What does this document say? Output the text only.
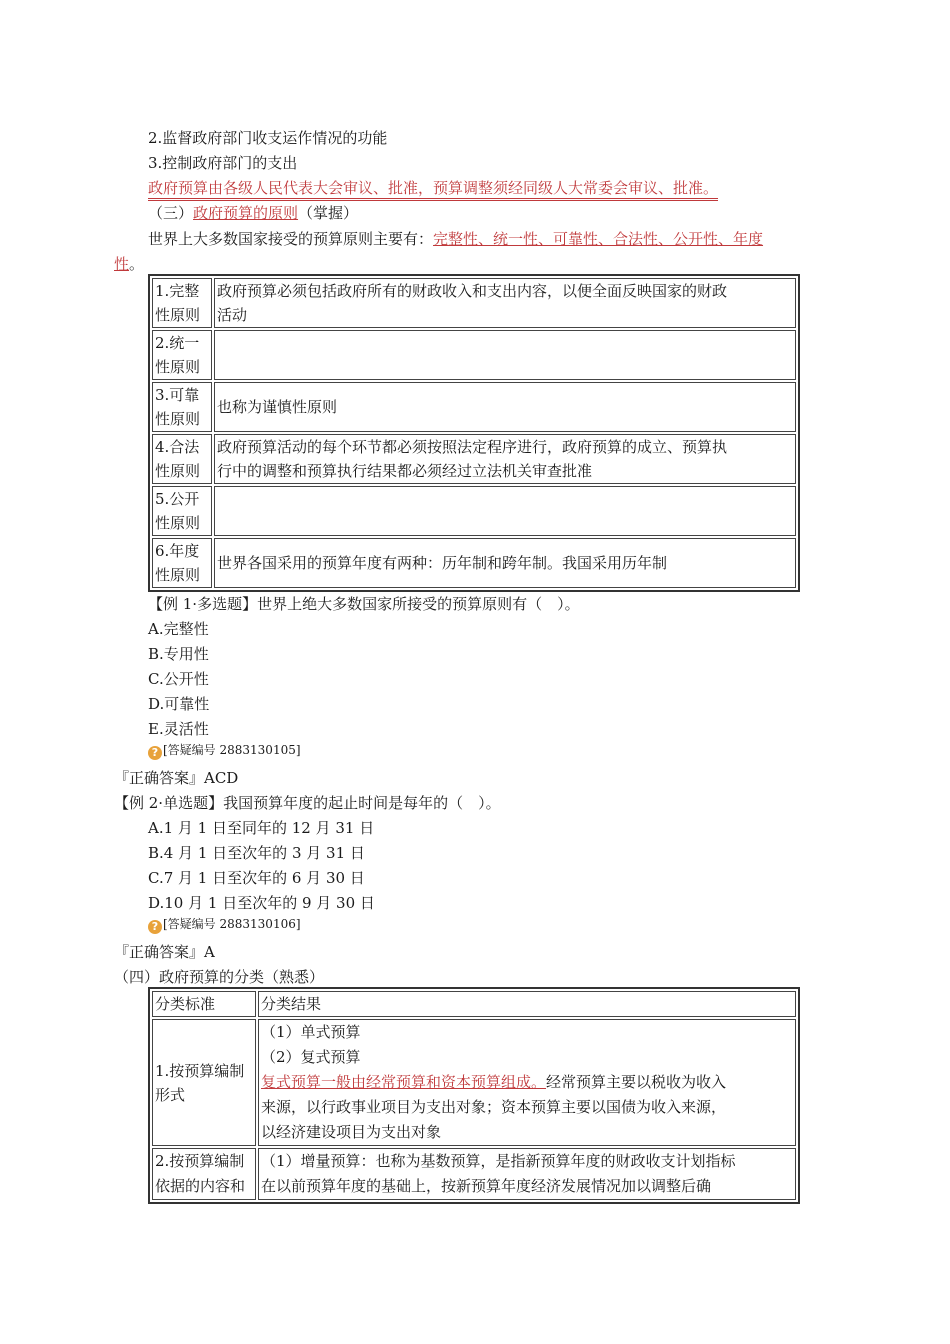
2.监督政府部门收支运作情况的功能
3.控制政府部门的支出
政府预算由各级人民代表大会审议、批准，预算调整须经同级人大常委会审议、批准。
（三）政府预算的原则（掌握）
世界上大多数国家接受的预算原则主要有：完整性、统一性、可靠性、合法性、公开性、年度
性。
1.完整
性原则	政府预算必须包括政府所有的财政收入和支出内容，以便全面反映国家的财政
活动
2.统一
性原则	
3.可靠
性原则	也称为谨慎性原则
4.合法
性原则	政府预算活动的每个环节都必须按照法定程序进行，政府预算的成立、预算执
行中的调整和预算执行结果都必须经过立法机关审查批准
5.公开
性原则	
6.年度
性原则	世界各国采用的预算年度有两种：历年制和跨年制。我国采用历年制
【例 1·多选题】世界上绝大多数国家所接受的预算原则有（　）。
A.完整性
B.专用性
C.公开性
D.可靠性
E.灵活性
? [答疑编号 2883130105]
『正确答案』ACD
【例 2·单选题】我国预算年度的起止时间是每年的（　）。
A.1 月 1 日至同年的 12 月 31 日
B.4 月 1 日至次年的 3 月 31 日
C.7 月 1 日至次年的 6 月 30 日
D.10 月 1 日至次年的 9 月 30 日
? [答疑编号 2883130106]
『正确答案』A
（四）政府预算的分类（熟悉）
分类标准	分类结果
1.按预算编制
形式	（1）单式预算
（2）复式预算
复式预算一般由经常预算和资本预算组成。经常预算主要以税收为收入
来源，以行政事业项目为支出对象；资本预算主要以国债为收入来源，
以经济建设项目为支出对象
2.按预算编制
依据的内容和	（1）增量预算：也称为基数预算，是指新预算年度的财政收支计划指标
在以前预算年度的基础上，按新预算年度经济发展情况加以调整后确
